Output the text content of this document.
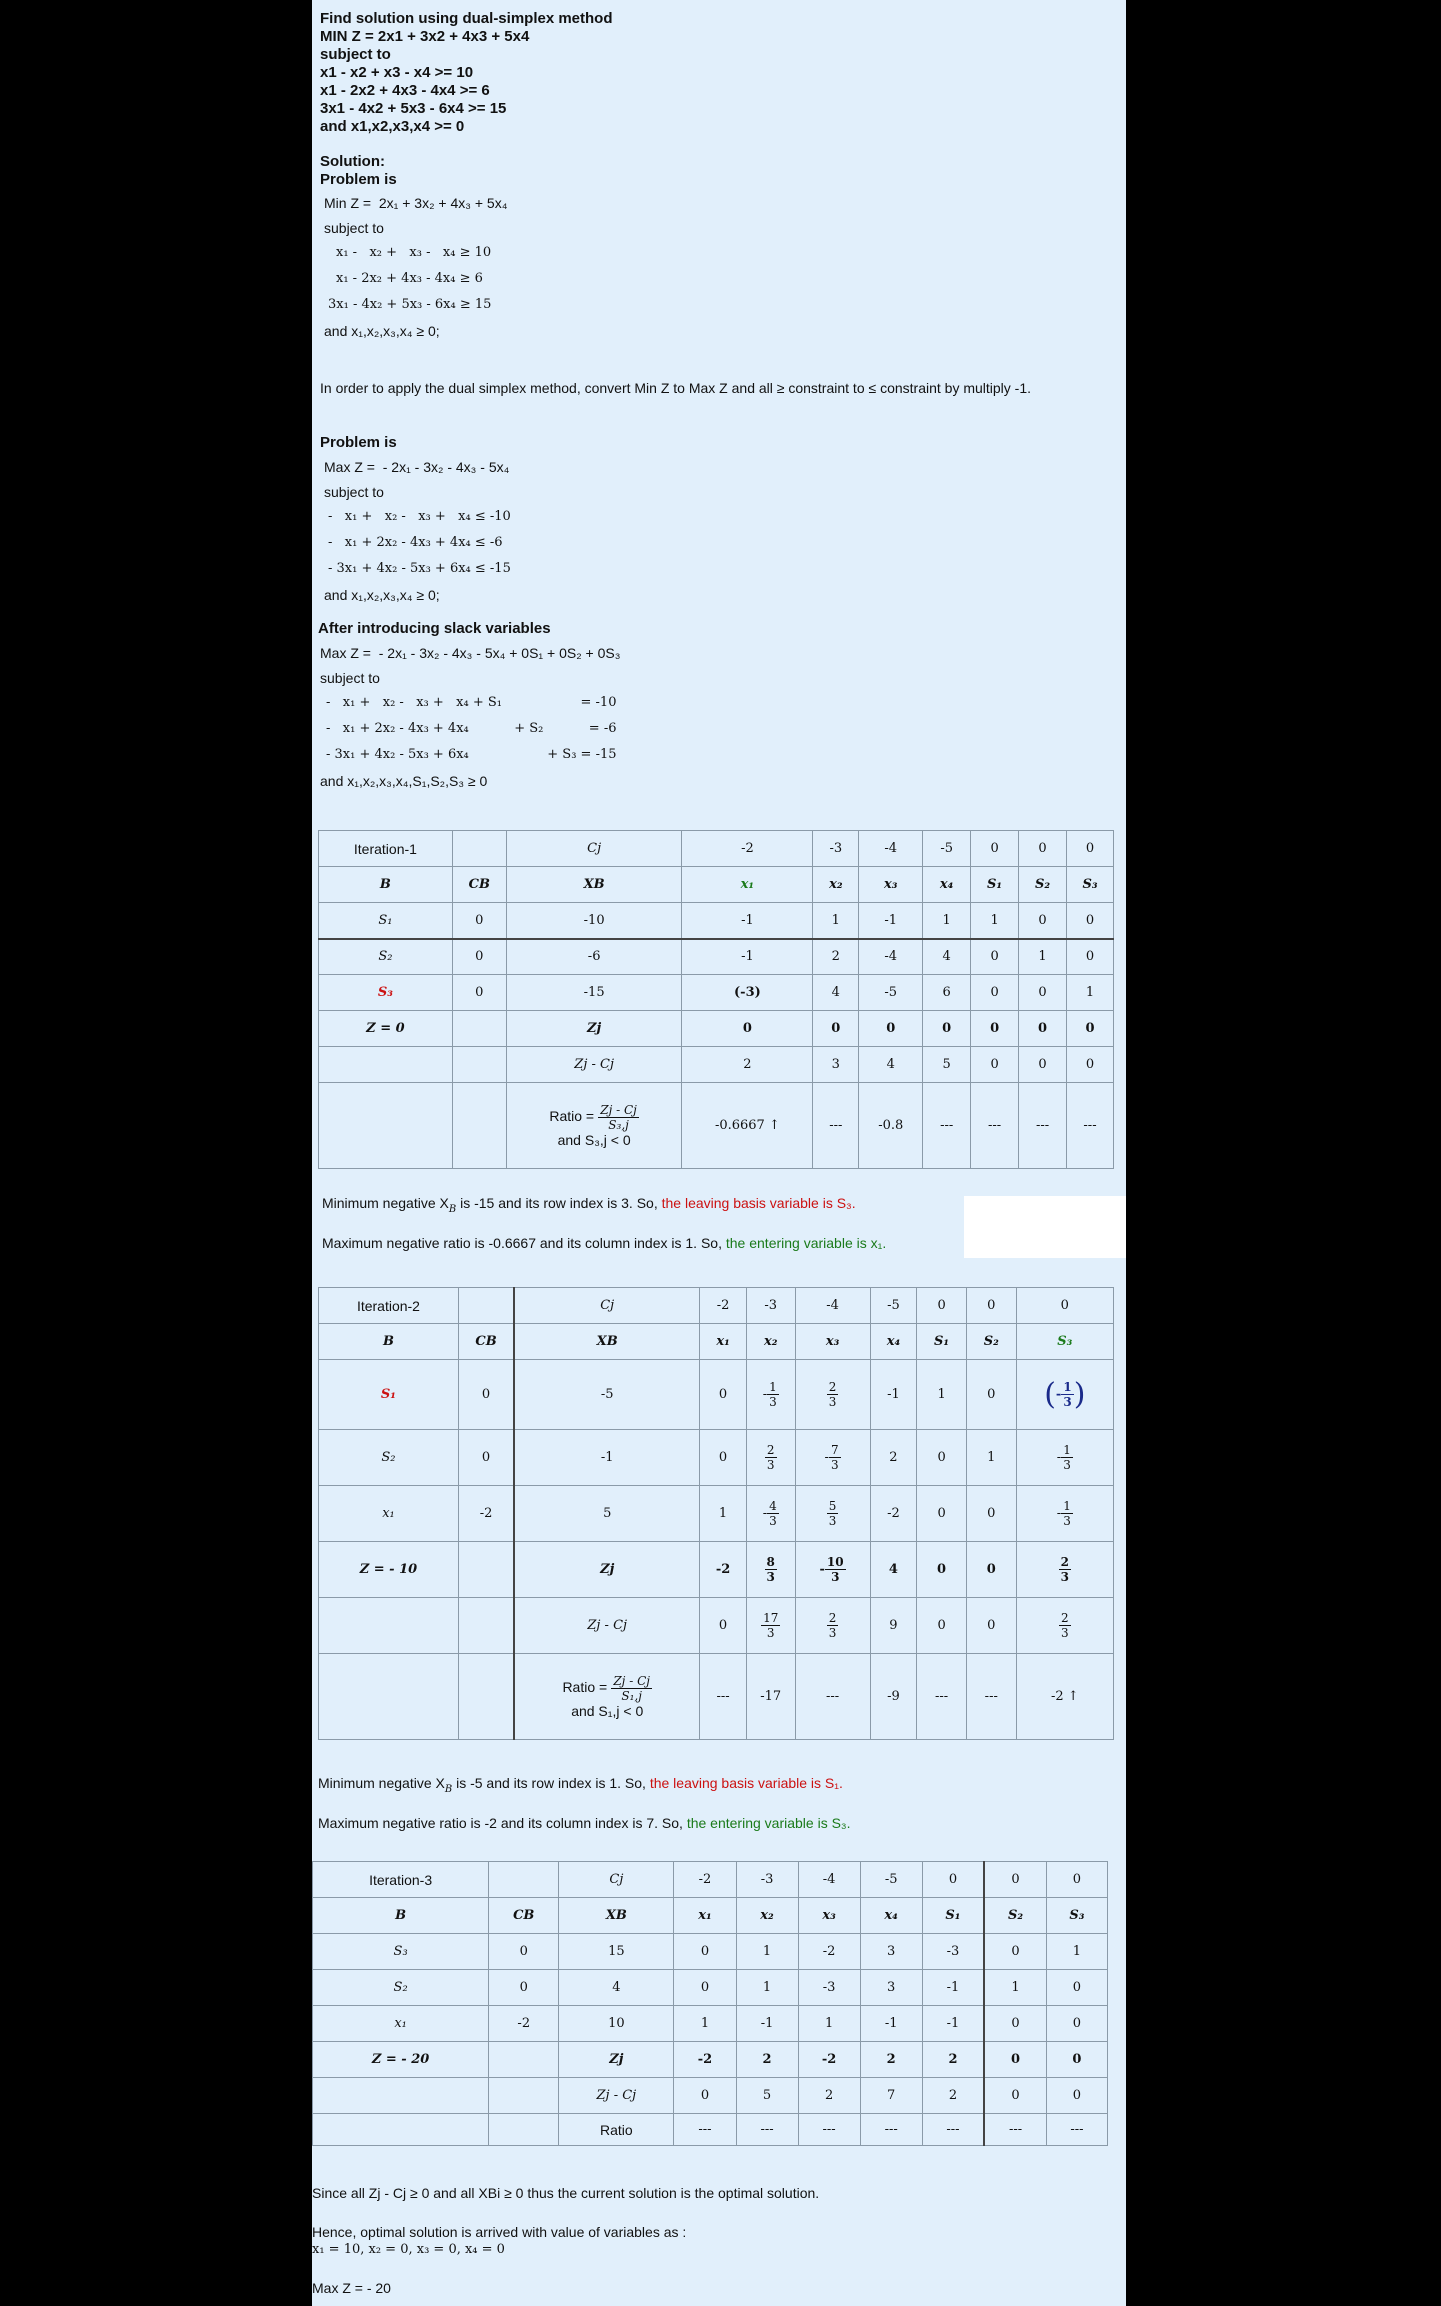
Find solution using dual-simplex method
MIN Z = 2x1 + 3x2 + 4x3 + 5x4
subject to
x1 - x2 + x3 - x4 >= 10
x1 - 2x2 + 4x3 - 4x4 >= 6
3x1 - 4x2 + 5x3 - 6x4 >= 15
and x1,x2,x3,x4 >= 0
Solution:
Problem is
Min Z =  2x₁ + 3x₂ + 4x₃ + 5x₄
subject to
x₁ -   x₂ +   x₃ -   x₄ ≥ 10
x₁ - 2x₂ + 4x₃ - 4x₄ ≥ 6
3x₁ - 4x₂ + 5x₃ - 6x₄ ≥ 15
and x₁,x₂,x₃,x₄ ≥ 0;
In order to apply the dual simplex method, convert Min Z to Max Z and all ≥ constraint to ≤ constraint by multiply -1.
Problem is
Max Z =  - 2x₁ - 3x₂ - 4x₃ - 5x₄
subject to
-   x₁ +   x₂ -   x₃ +   x₄ ≤ -10
-   x₁ + 2x₂ - 4x₃ + 4x₄ ≤ -6
- 3x₁ + 4x₂ - 5x₃ + 6x₄ ≤ -15
and x₁,x₂,x₃,x₄ ≥ 0;
After introducing slack variables
Max Z =  - 2x₁ - 3x₂ - 4x₃ - 5x₄ + 0S₁ + 0S₂ + 0S₃
subject to
-   x₁ +   x₂ -   x₃ +   x₄ + S₁                   = -10
-   x₁ + 2x₂ - 4x₃ + 4x₄           + S₂           = -6
- 3x₁ + 4x₂ - 5x₃ + 6x₄                   + S₃ = -15
and x₁,x₂,x₃,x₄,S₁,S₂,S₃ ≥ 0
Iteration-1		Cj	-2	-3	-4	-5	0	0	0
B	CB	XB	x₁	x₂	x₃	x₄	S₁	S₂	S₃
S₁	0	-10	-1	1	-1	1	1	0	0
S₂	0	-6	-1	2	-4	4	0	1	0
S₃	0	-15	(-3)	4	-5	6	0	0	1
Z = 0		Zj	0	0	0	0	0	0	0
		Zj - Cj	2	3	4	5	0	0	0
		Ratio = $\frac{Zj - Cj}{\text{S₃,j}}$
and S₃,j < 0	-0.6667 ↑	---	-0.8	---	---	---	---
Minimum negative $X_B$ is -15 and its row index is 3. So, the leaving basis variable is S₃.
Maximum negative ratio is -0.6667 and its column index is 1. So, the entering variable is x₁.
Iteration-2		Cj	-2	-3	-4	-5	0	0	0
B	CB	XB	x₁	x₂	x₃	x₄	S₁	S₂	S₃
S₁	0	-5	0	- $\frac{1}{3}$	$\frac{2}{3}$	-1	1	0	(- $\frac{1}{3}$ )
S₂	0	-1	0	$\frac{2}{3}$	- $\frac{7}{3}$	2	0	1	- $\frac{1}{3}$

x₁	-2	5	1	- $\frac{4}{3}$	$\frac{5}{3}$	-2	0	0	- $\frac{1}{3}$

Z = - 10		Zj	-2	$\frac{8}{3}$	- $\frac{10}{3}$	4	0	0	$\frac{2}{3}$

		Zj - Cj	0	$\frac{17}{3}$	$\frac{2}{3}$	9	0	0	$\frac{2}{3}$

		Ratio = $\frac{Zj - Cj}{\text{S₁,j}}$
and S₁,j < 0	---	-17	---	-9	---	---	-2 ↑
Minimum negative $X_B$ is -5 and its row index is 1. So, the leaving basis variable is S₁.
Maximum negative ratio is -2 and its column index is 7. So, the entering variable is S₃.
Iteration-3		Cj	-2	-3	-4	-5	0	0	0
B	CB	XB	x₁	x₂	x₃	x₄	S₁	S₂	S₃
S₃	0	15	0	1	-2	3	-3	0	1
S₂	0	4	0	1	-3	3	-1	1	0
x₁	-2	10	1	-1	1	-1	-1	0	0
Z = - 20		Zj	-2	2	-2	2	2	0	0
		Zj - Cj	0	5	2	7	2	0	0
		Ratio	---	---	---	---	---	---	---
Since all Zj - Cj ≥ 0 and all XBi ≥ 0 thus the current solution is the optimal solution.
Hence, optimal solution is arrived with value of variables as :
x₁ = 10, x₂ = 0, x₃ = 0, x₄ = 0
Max Z = - 20
